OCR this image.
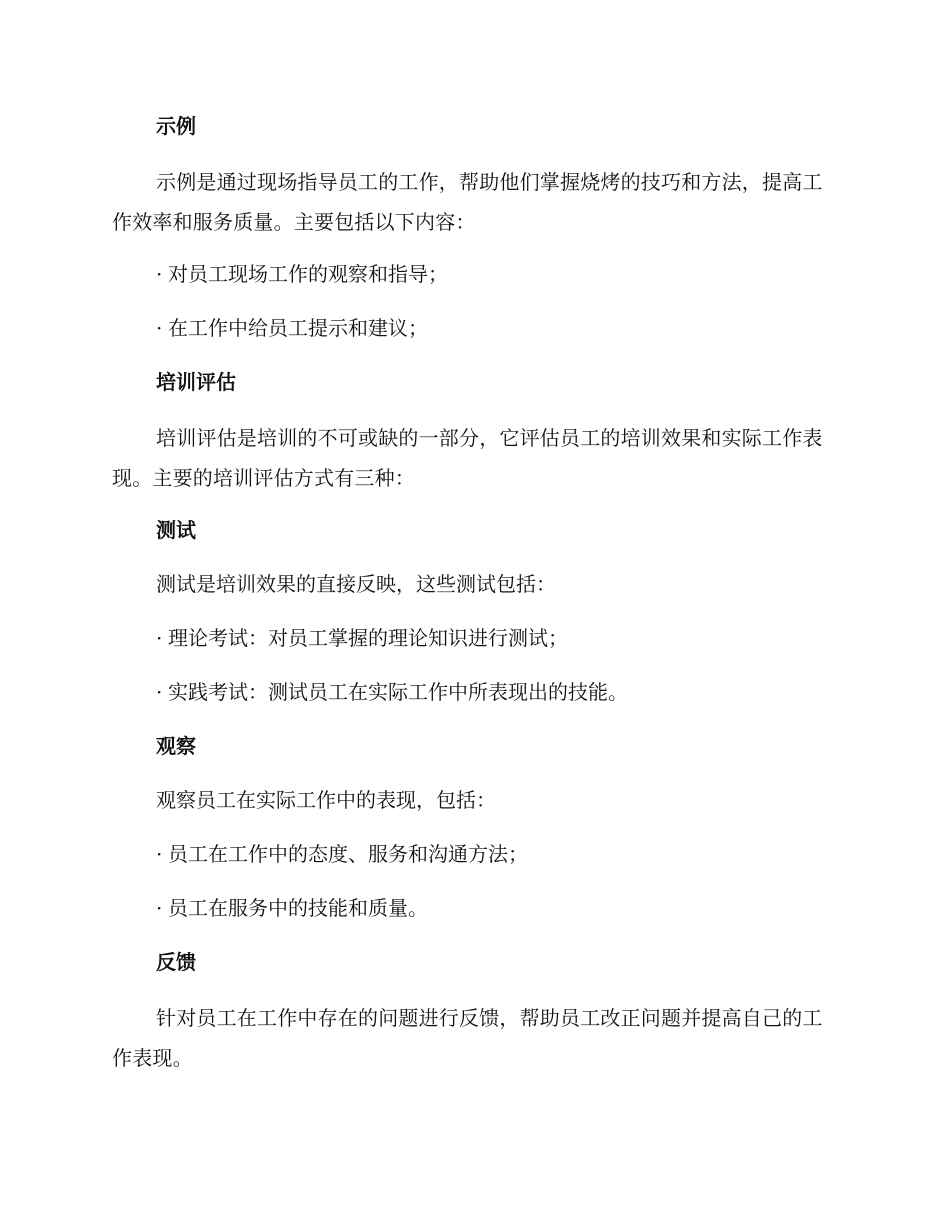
示例
示例是通过现场指导员工的工作，帮助他们掌握烧烤的技巧和方法，提高工作效率和服务质量。主要包括以下内容：
· 对员工现场工作的观察和指导；
· 在工作中给员工提示和建议；
培训评估
培训评估是培训的不可或缺的一部分，它评估员工的培训效果和实际工作表现。主要的培训评估方式有三种：
测试
测试是培训效果的直接反映，这些测试包括：
· 理论考试：对员工掌握的理论知识进行测试；
· 实践考试：测试员工在实际工作中所表现出的技能。
观察
观察员工在实际工作中的表现，包括：
· 员工在工作中的态度、服务和沟通方法；
· 员工在服务中的技能和质量。
反馈
针对员工在工作中存在的问题进行反馈，帮助员工改正问题并提高自己的工作表现。
